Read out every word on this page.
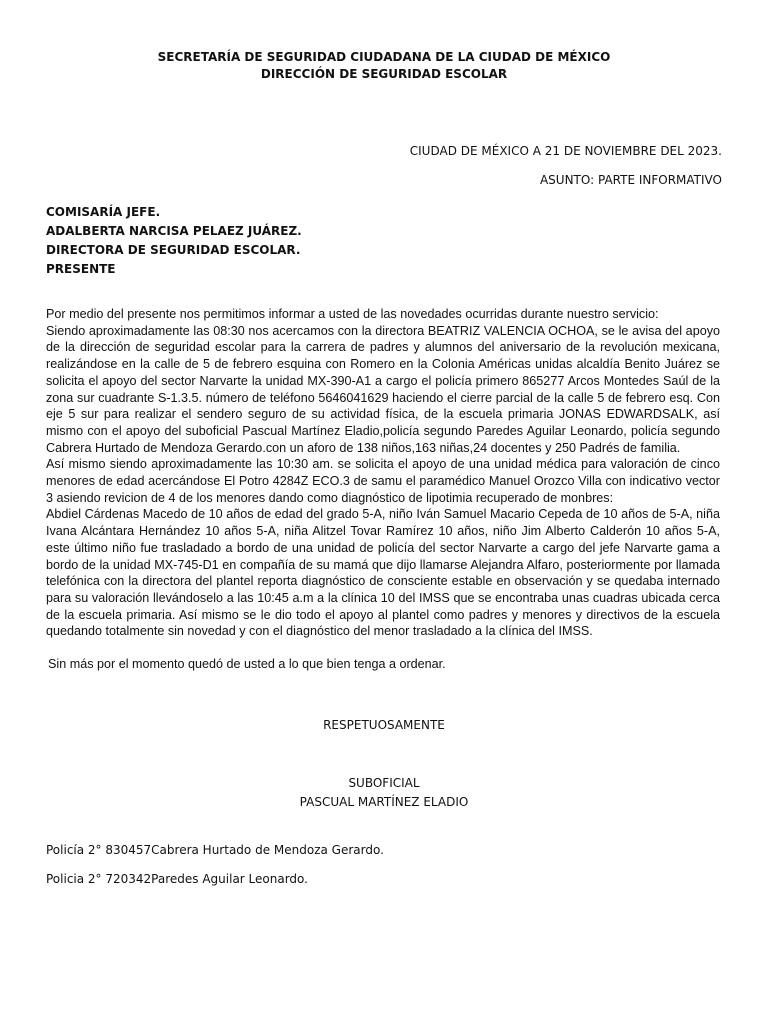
SECRETARÍA DE SEGURIDAD CIUDADANA DE LA CIUDAD DE MÉXICO
DIRECCIÓN DE SEGURIDAD ESCOLAR
CIUDAD DE MÉXICO A 21 DE NOVIEMBRE DEL 2023.
ASUNTO: PARTE INFORMATIVO
COMISARÍA JEFE.
ADALBERTA NARCISA PELAEZ JUÁREZ.
DIRECTORA DE SEGURIDAD ESCOLAR.
PRESENTE

Por medio del presente nos permitimos informar a usted de las novedades ocurridas durante nuestro servicio:

Siendo aproximadamente las 08:30 nos acercamos con la directora BEATRIZ VALENCIA OCHOA, se le avisa del apoyo de la dirección de seguridad escolar para la carrera de padres y alumnos del aniversario de la revolución mexicana, realizándose en la calle de 5 de febrero esquina con Romero en la Colonia Américas unidas alcaldía Benito Juárez se solicita el apoyo del sector Narvarte la unidad MX-390-A1 a cargo el policía primero 865277 Arcos Montedes Saúl de la zona sur cuadrante S-1.3.5. número de teléfono 5646041629 haciendo el cierre parcial de la calle 5 de febrero esq. Con eje 5 sur para realizar el sendero seguro de su actividad física, de la escuela primaria JONAS EDWARDSALK, así mismo con el apoyo del suboficial Pascual Martínez Eladio,policía segundo Paredes Aguilar Leonardo, policía segundo Cabrera Hurtado de Mendoza Gerardo.con un aforo de 138 niños,163 niñas,24 docentes y 250 Padrés de familia.

Así mismo siendo aproximadamente las 10:30 am. se solicita el apoyo de una unidad médica para valoración de cinco menores de edad acercándose El Potro 4284Z ECO.3 de samu el paramédico Manuel Orozco Villa con indicativo vector 3 asiendo revicion de 4 de los menores dando como diagnóstico de lipotimia recuperado de monbres:

Abdiel Cárdenas Macedo de 10 años de edad del grado 5-A, niño Iván Samuel Macario Cepeda de 10 años de 5-A, niña Ivana Alcántara Hernández 10 años 5-A, niña Alitzel Tovar Ramírez 10 años, niño Jim Alberto Calderón 10 años 5-A, este último niño fue trasladado a bordo de una unidad de policía del sector Narvarte a cargo del jefe Narvarte gama a bordo de la unidad MX-745-D1 en compañía de su mamá que dijo llamarse Alejandra Alfaro, posteriormente por llamada telefónica con la directora del plantel reporta diagnóstico de consciente estable en observación y se quedaba internado para su valoración llevándoselo a las 10:45 a.m a la clínica 10 del IMSS que se encontraba unas cuadras ubicada cerca de la escuela primaria. Así mismo se le dio todo el apoyo al plantel como padres y menores y directivos de la escuela quedando totalmente sin novedad y con el diagnóstico del menor trasladado a la clínica del IMSS.

Sin más por el momento quedó de usted a lo que bien tenga a ordenar.
RESPETUOSAMENTE
SUBOFICIAL
PASCUAL MARTÍNEZ ELADIO
Policía 2° 830457Cabrera Hurtado de Mendoza Gerardo.
Policia 2° 720342Paredes Aguilar Leonardo.
